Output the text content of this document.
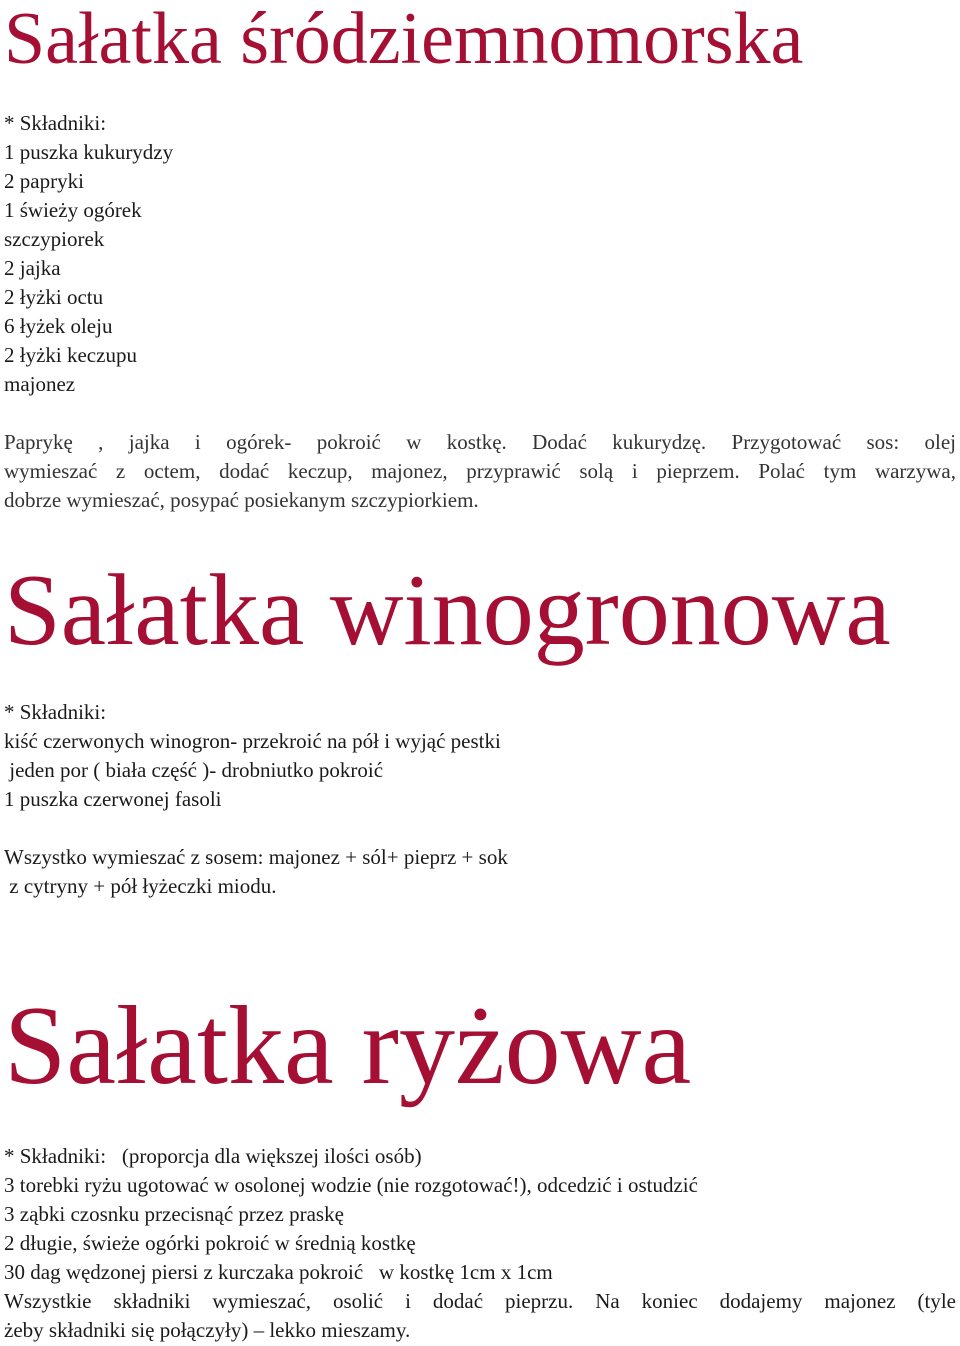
Sałatka śródziemnomorska
* Składniki:
1 puszka kukurydzy
2 papryki
1 świeży ogórek
szczypiorek
2 jajka
2 łyżki octu
6 łyżek oleju
2 łyżki keczupu
majonez
Paprykę , jajka i ogórek- pokroić w kostkę. Dodać kukurydzę. Przygotować sos: olej
wymieszać z octem, dodać keczup, majonez, przyprawić solą i pieprzem. Polać tym warzywa,
dobrze wymieszać, posypać posiekanym szczypiorkiem.
Sałatka winogronowa
* Składniki:
kiść czerwonych winogron- przekroić na pół i wyjąć pestki
jeden por ( biała część )- drobniutko pokroić
1 puszka czerwonej fasoli
Wszystko wymieszać z sosem: majonez + sól+ pieprz + sok
z cytryny + pół łyżeczki miodu.
Sałatka ryżowa
* Składniki:   (proporcja dla większej ilości osób)
3 torebki ryżu ugotować w osolonej wodzie (nie rozgotować!), odcedzić i ostudzić
3 ząbki czosnku przecisnąć przez praskę
2 długie, świeże ogórki pokroić w średnią kostkę
30 dag wędzonej piersi z kurczaka pokroić   w kostkę 1cm x 1cm
Wszystkie składniki wymieszać, osolić i dodać pieprzu. Na koniec dodajemy majonez (tyle
żeby składniki się połączyły) – lekko mieszamy.
